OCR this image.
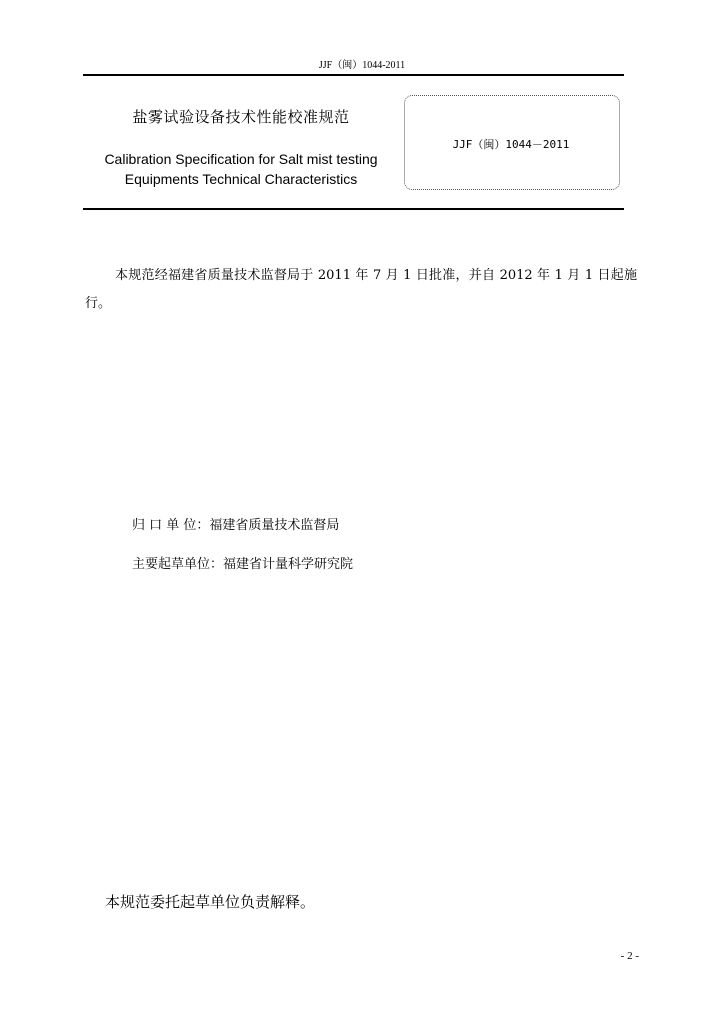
JJF（闽）1044-2011
盐雾试验设备技术性能校准规范
Calibration Specification for Salt mist testing
Equipments Technical Characteristics
JJF（闽）1044－2011
本规范经福建省质量技术监督局于 2011 年 7 月 1 日批准，并自 2012 年 1 月 1 日起施行。
归 口 单 位：福建省质量技术监督局
主要起草单位：福建省计量科学研究院
本规范委托起草单位负责解释。
- 2 -
